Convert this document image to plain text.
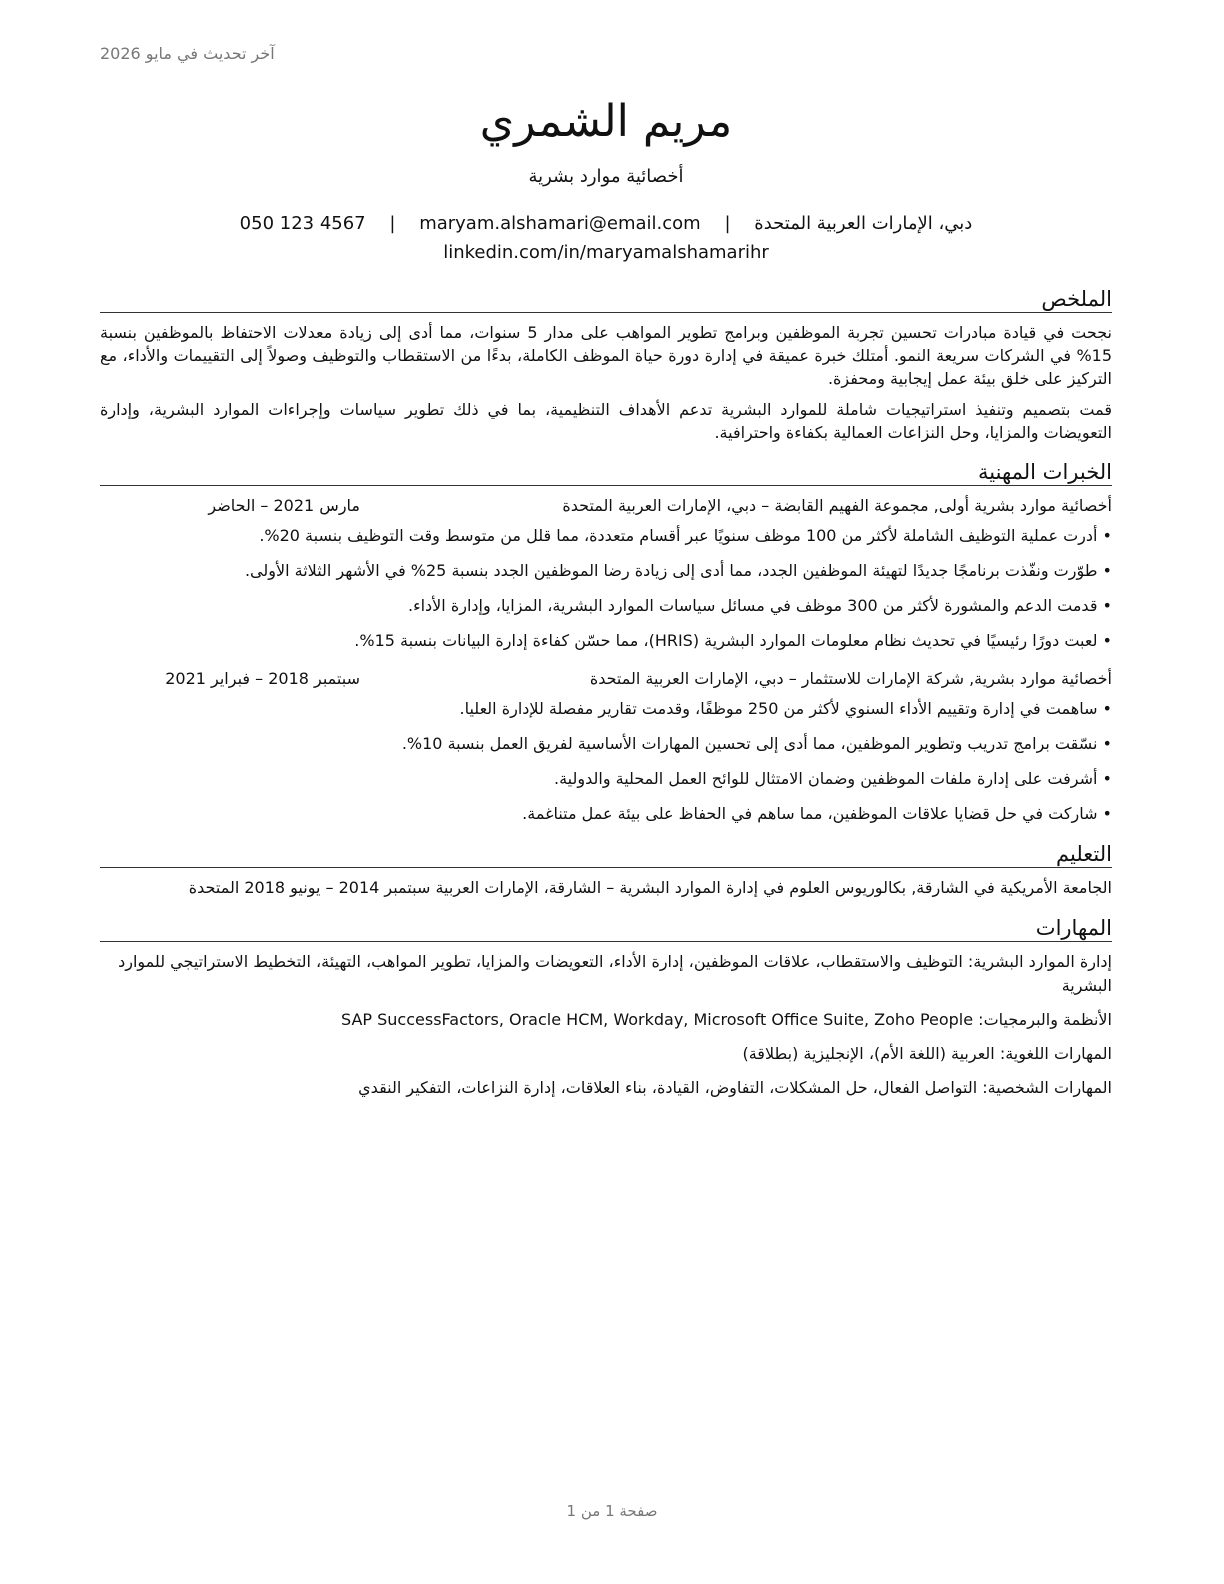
آخر تحديث في مايو 2026
مريم الشمري
أخصائية موارد بشرية
دبي، الإمارات العربية المتحدة | maryam.alshamari@email.com | 050 123 4567
linkedin.com/in/maryamalshamarihr
الملخص

نجحت في قيادة مبادرات تحسين تجربة الموظفين وبرامج تطوير المواهب على مدار 5 سنوات، مما أدى إلى زيادة معدلات الاحتفاظ بالموظفين بنسبة 15% في الشركات سريعة النمو. أمتلك خبرة عميقة في إدارة دورة حياة الموظف الكاملة، بدءًا من الاستقطاب والتوظيف وصولاً إلى التقييمات والأداء، مع التركيز على خلق بيئة عمل إيجابية ومحفزة.

قمت بتصميم وتنفيذ استراتيجيات شاملة للموارد البشرية تدعم الأهداف التنظيمية، بما في ذلك تطوير سياسات وإجراءات الموارد البشرية، وإدارة التعويضات والمزايا، وحل النزاعات العمالية بكفاءة واحترافية.

الخبرات المهنية
أخصائية موارد بشرية أولى, مجموعة الفهيم القابضة – دبي، الإمارات العربية المتحدة
مارس 2021 – الحاضر
• أدرت عملية التوظيف الشاملة لأكثر من 100 موظف سنويًا عبر أقسام متعددة، مما قلل من متوسط وقت التوظيف بنسبة 20%.
• طوّرت ونفّذت برنامجًا جديدًا لتهيئة الموظفين الجدد، مما أدى إلى زيادة رضا الموظفين الجدد بنسبة 25% في الأشهر الثلاثة الأولى.
• قدمت الدعم والمشورة لأكثر من 300 موظف في مسائل سياسات الموارد البشرية، المزايا، وإدارة الأداء.
• لعبت دورًا رئيسيًا في تحديث نظام معلومات الموارد البشرية (HRIS)، مما حسّن كفاءة إدارة البيانات بنسبة 15%.
أخصائية موارد بشرية, شركة الإمارات للاستثمار – دبي، الإمارات العربية المتحدة
سبتمبر 2018 – فبراير 2021
• ساهمت في إدارة وتقييم الأداء السنوي لأكثر من 250 موظفًا، وقدمت تقارير مفصلة للإدارة العليا.
• نسّقت برامج تدريب وتطوير الموظفين، مما أدى إلى تحسين المهارات الأساسية لفريق العمل بنسبة 10%.
• أشرفت على إدارة ملفات الموظفين وضمان الامتثال للوائح العمل المحلية والدولية.
• شاركت في حل قضايا علاقات الموظفين، مما ساهم في الحفاظ على بيئة عمل متناغمة.
التعليم
الجامعة الأمريكية في الشارقة, بكالوريوس العلوم في إدارة الموارد البشرية – الشارقة، الإمارات العربية سبتمبر 2014 – يونيو 2018 المتحدة
المهارات
إدارة الموارد البشرية: التوظيف والاستقطاب، علاقات الموظفين، إدارة الأداء، التعويضات والمزايا، تطوير المواهب، التهيئة، التخطيط الاستراتيجي للموارد البشرية
الأنظمة والبرمجيات: SAP SuccessFactors, Oracle HCM, Workday, Microsoft Office Suite, Zoho People
المهارات اللغوية: العربية (اللغة الأم)، الإنجليزية (بطلاقة)
المهارات الشخصية: التواصل الفعال، حل المشكلات، التفاوض، القيادة، بناء العلاقات، إدارة النزاعات، التفكير النقدي
صفحة 1 من 1
